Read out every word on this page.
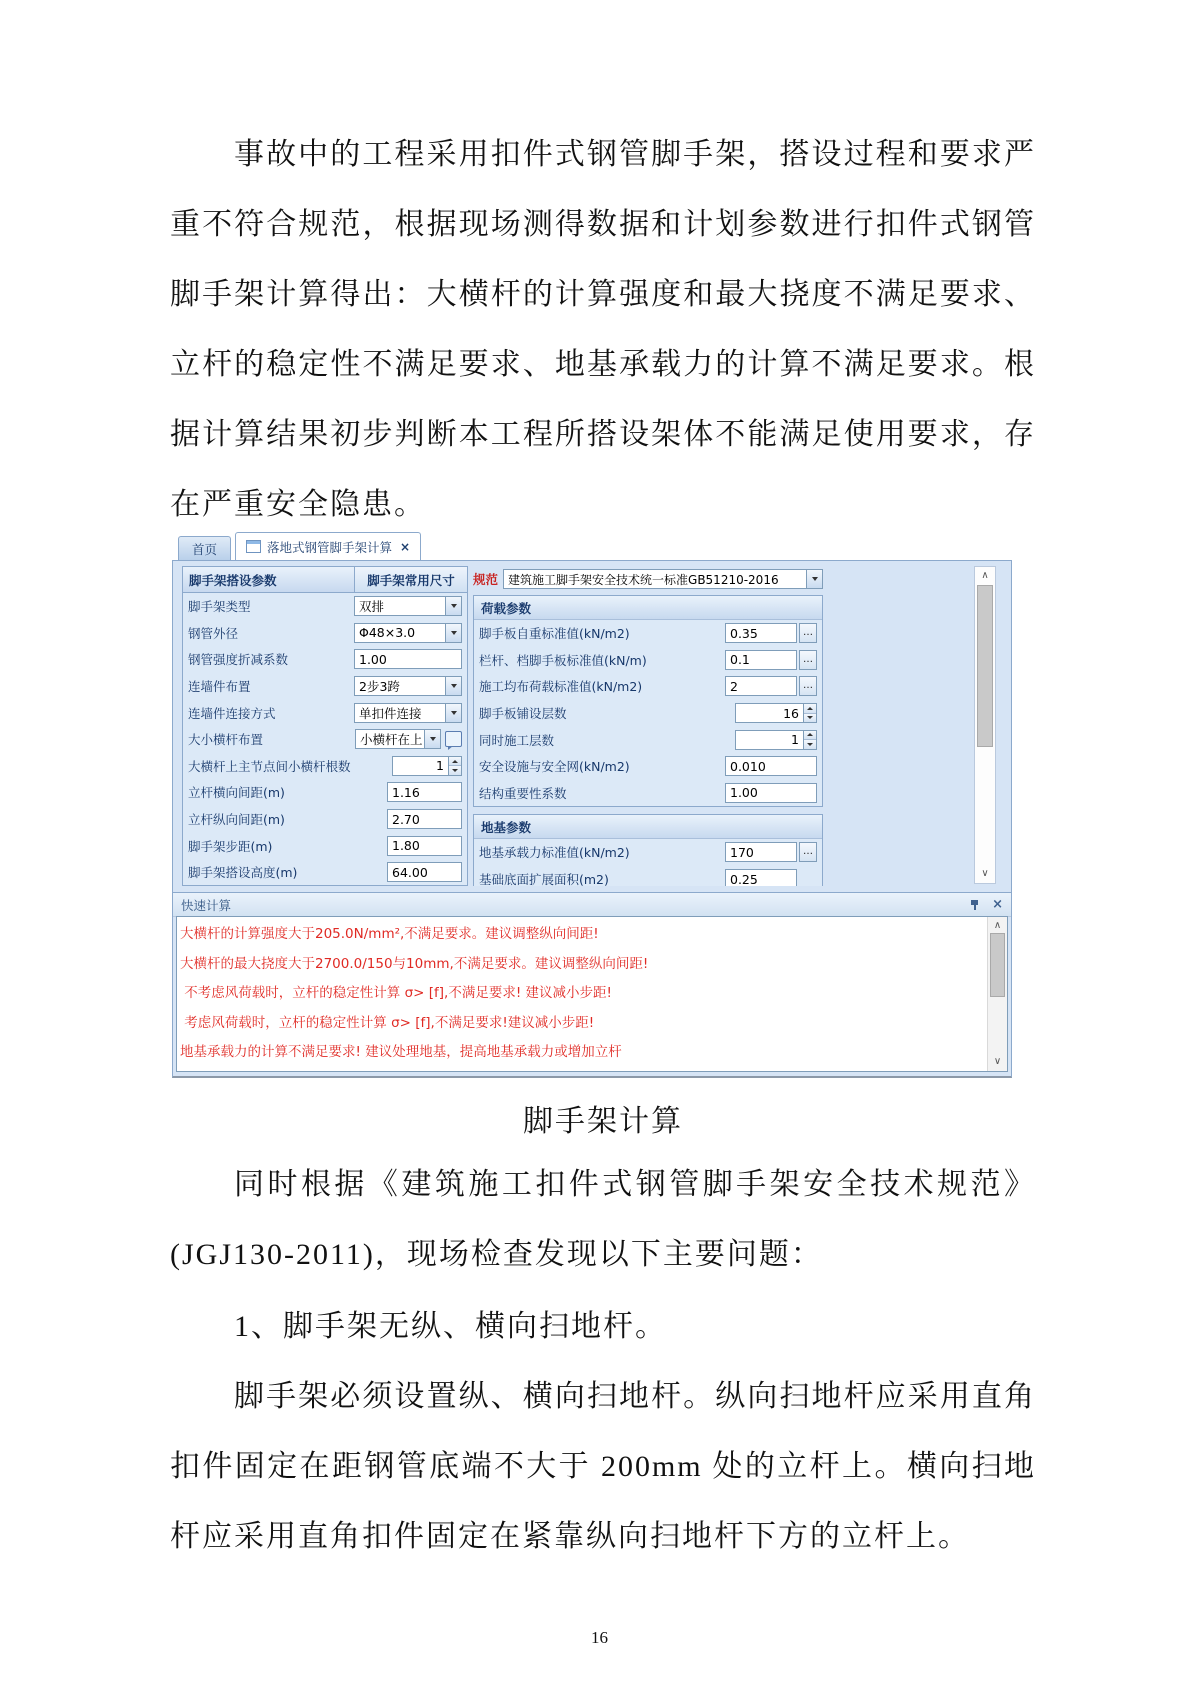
事故中的工程采用扣件式钢管脚手架，搭设过程和要求严重不符合规范，根据现场测得数据和计划参数进行扣件式钢管脚手架计算得出：大横杆的计算强度和最大挠度不满足要求、立杆的稳定性不满足要求、地基承载力的计算不满足要求。根据计算结果初步判断本工程所搭设架体不能满足使用要求，存在严重安全隐患。

首页	落地式钢管脚手架计算 ×
脚手架搭设参数	脚手架常用尺寸
脚手架类型	双排
钢管外径	Φ48×3.0
钢管强度折减系数	1.00
连墙件布置	2步3跨
连墙件连接方式	单扣件连接
大小横杆布置	小横杆在上
大横杆上主节点间小横杆根数	1
立杆横向间距(m)	1.16
立杆纵向间距(m)	2.70
脚手架步距(m)	1.80
脚手架搭设高度(m)	64.00
规范 建筑施工脚手架安全技术统一标准GB51210-2016
荷载参数
脚手板自重标准值(kN/m2)	0.35	…
栏杆、档脚手板标准值(kN/m)	0.1	…
施工均布荷载标准值(kN/m2)	2	…
脚手板铺设层数	16
同时施工层数	1
安全设施与安全网(kN/m2)	0.010
结构重要性系数	1.00
地基参数
地基承载力标准值(kN/m2)	170	…
基础底面扩展面积(m2)	0.25
∧
∨
快速计算	×
大横杆的计算强度大于205.0N/mm²,不满足要求。建议调整纵向间距!
大横杆的最大挠度大于2700.0/150与10mm,不满足要求。建议调整纵向间距!
不考虑风荷载时，立杆的稳定性计算 σ> [f],不满足要求! 建议减小步距!
考虑风荷载时，立杆的稳定性计算 σ> [f],不满足要求!建议减小步距!
地基承载力的计算不满足要求! 建议处理地基，提高地基承载力或增加立杆
∧
∨

脚手架计算

同时根据《建筑施工扣件式钢管脚手架安全技术规范》(JGJ130-2011)，现场检查发现以下主要问题：

1、脚手架无纵、横向扫地杆。

脚手架必须设置纵、横向扫地杆。纵向扫地杆应采用直角扣件固定在距钢管底端不大于 200mm 处的立杆上。横向扫地杆应采用直角扣件固定在紧靠纵向扫地杆下方的立杆上。

16
